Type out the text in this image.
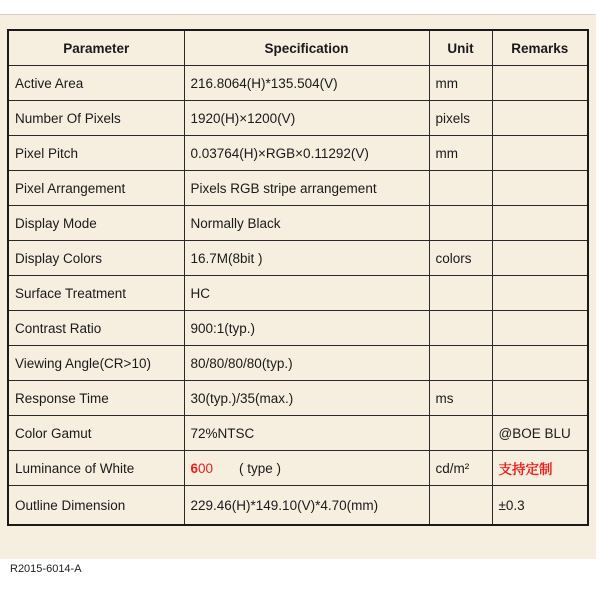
Parameter	Specification	Unit	Remarks
Active Area	216.8064(H)*135.504(V)	mm	
Number Of Pixels	1920(H)×1200(V)	pixels	
Pixel Pitch	0.03764(H)×RGB×0.11292(V)	mm	
Pixel Arrangement	Pixels RGB stripe arrangement		
Display Mode	Normally Black		
Display Colors	16.7M(8bit )	colors	
Surface Treatment	HC		
Contrast Ratio	900:1(typ.)		
Viewing Angle(CR>10)	80/80/80/80(typ.)		
Response Time	30(typ.)/35(max.)	ms	
Color Gamut	72%NTSC		@BOE BLU
Luminance of White	600 ( type )	cd/m²	支持定制
Outline Dimension	229.46(H)*149.10(V)*4.70(mm)		±0.3
R2015-6014-A
